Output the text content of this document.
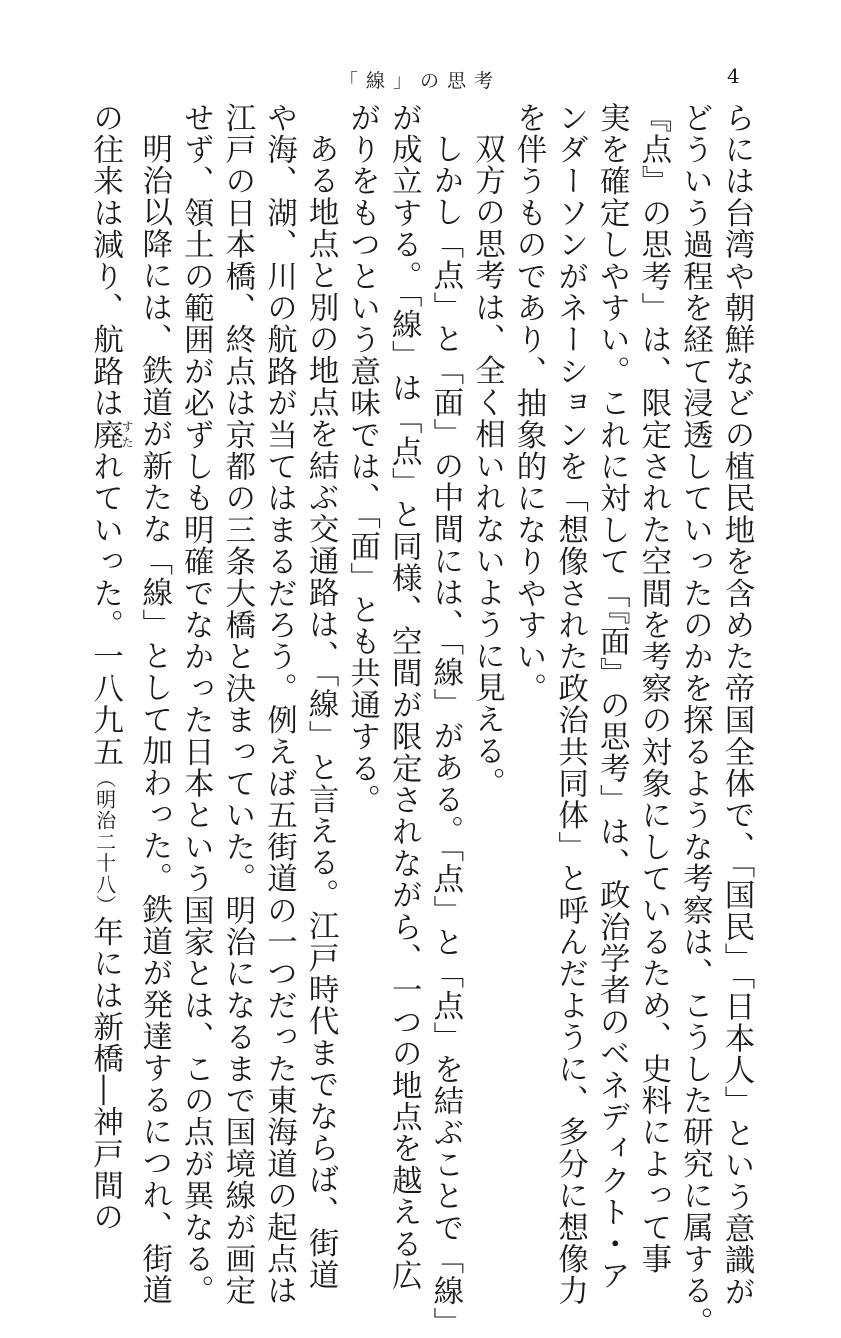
「線」の思考	4
らには台湾や朝鮮などの植民地を含めた帝国全体で、「国民」「日本人」という意識が
どういう過程を経て浸透していったのかを探るような考察は、こうした研究に属する。
『点』の思考」は、限定された空間を考察の対象にしているため、史料によって事
実を確定しやすい。これに対して「『面』の思考」は、政治学者のベネディクト・ア
ンダーソンがネーションを「想像された政治共同体」と呼んだように、多分に想像力
を伴うものであり、抽象的になりやすい。
双方の思考は、全く相いれないように見える。
しかし「点」と「面」の中間には、「線」がある。「点」と「点」を結ぶことで「線」
が成立する。「線」は「点」と同様、空間が限定されながら、一つの地点を越える広
がりをもつという意味では、「面」とも共通する。
ある地点と別の地点を結ぶ交通路は、「線」と言える。江戸時代までならば、街道
や海、湖、川の航路が当てはまるだろう。例えば五街道の一つだった東海道の起点は
江戸の日本橋、終点は京都の三条大橋と決まっていた。明治になるまで国境線が画定
せず、領土の範囲が必ずしも明確でなかった日本という国家とは、この点が異なる。
明治以降には、鉄道が新たな「線」として加わった。鉄道が発達するにつれ、街道
の往来は減り、航路は廃すたれていった。一八九五（明治二十八）年には新橋―神戸間の
